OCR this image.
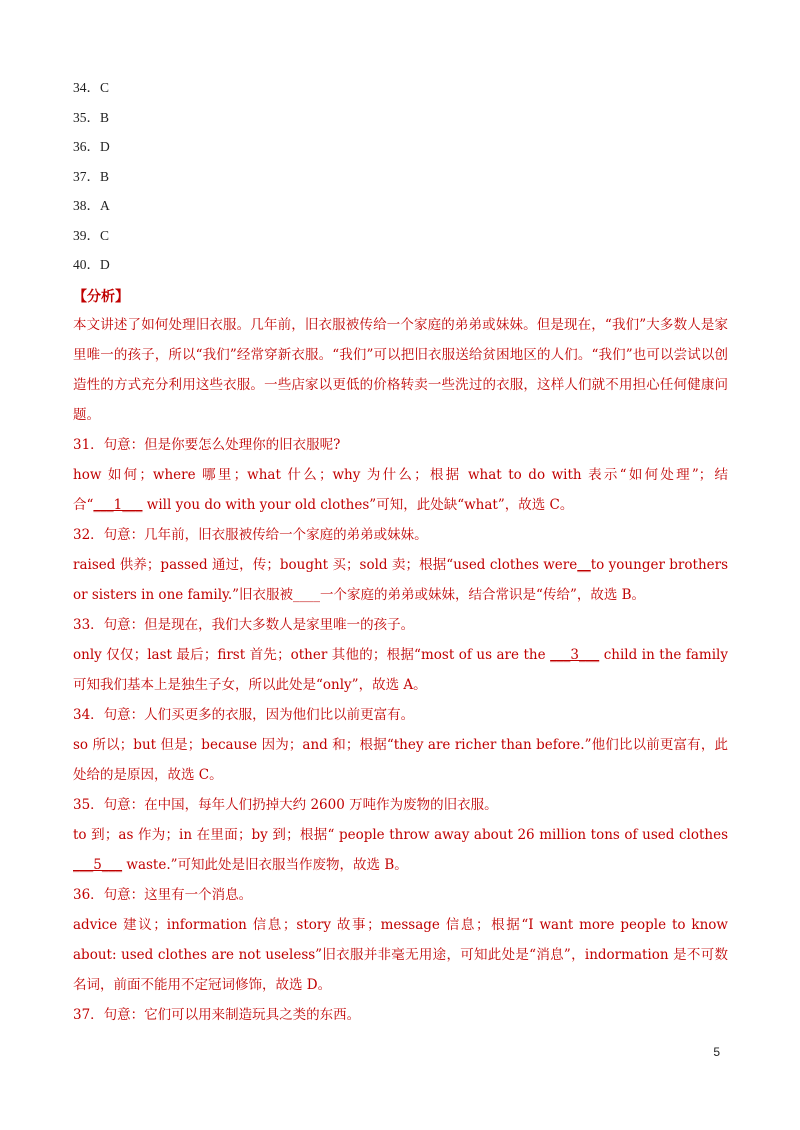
34．C
35．B
36．D
37．B
38．A
39．C
40．D
【分析】
本文讲述了如何处理旧衣服。几年前，旧衣服被传给一个家庭的弟弟或妹妹。但是现在，“我们”大多数人是家里唯一的孩子，所以“我们”经常穿新衣服。“我们”可以把旧衣服送给贫困地区的人们。“我们”也可以尝试以创造性的方式充分利用这些衣服。一些店家以更低的价格转卖一些洗过的衣服，这样人们就不用担心任何健康问题。
31．句意：但是你要怎么处理你的旧衣服呢?
how 如何；where 哪里；what 什么；why 为什么；根据 what to do with 表示“如何处理”；结合“___1___ will you do with your old clothes”可知，此处缺“what”，故选 C。
32．句意：几年前，旧衣服被传给一个家庭的弟弟或妹妹。
raised 供养；passed 通过，传；bought 买；sold 卖；根据“used clothes were__to younger brothers or sisters in one family.”旧衣服被____一个家庭的弟弟或妹妹，结合常识是“传给”，故选 B。
33．句意：但是现在，我们大多数人是家里唯一的孩子。
only 仅仅；last 最后；first 首先；other 其他的；根据“most of us are the ___3___ child in the family 可知我们基本上是独生子女，所以此处是“only”，故选 A。
34．句意：人们买更多的衣服，因为他们比以前更富有。
so 所以；but 但是；because 因为；and 和；根据“they are richer than before.”他们比以前更富有，此处给的是原因，故选 C。
35．句意：在中国，每年人们扔掉大约 2600 万吨作为废物的旧衣服。
to 到；as 作为；in 在里面；by 到；根据“ people throw away about 26 million tons of used clothes ___5___ waste.”可知此处是旧衣服当作废物，故选 B。
36．句意：这里有一个消息。
advice 建议；information 信息；story 故事；message 信息；根据“I want more people to know about: used clothes are not useless”旧衣服并非毫无用途，可知此处是“消息”，indormation 是不可数名词，前面不能用不定冠词修饰，故选 D。
37．句意：它们可以用来制造玩具之类的东西。
5
